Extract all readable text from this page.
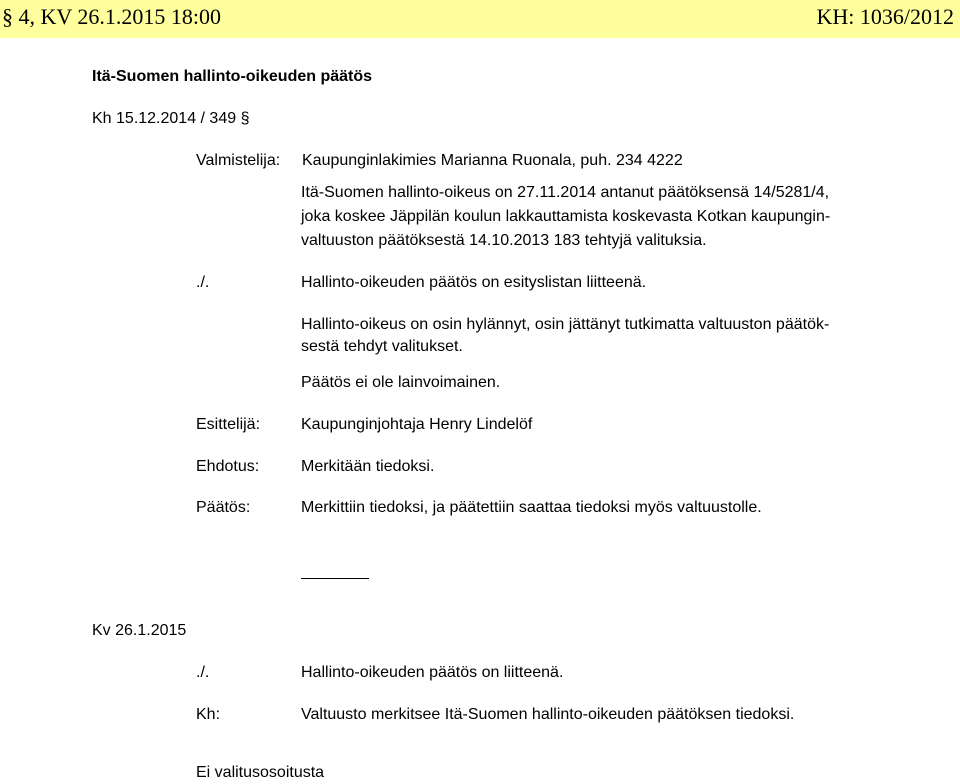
§ 4, KV 26.1.2015 18:00	KH: 1036/2012
Itä-Suomen hallinto-oikeuden päätös
Kh 15.12.2014 / 349 §
Valmistelija: Kaupunginlakimies Marianna Ruonala, puh. 234 4222
Itä-Suomen hallinto-oikeus on 27.11.2014 antanut päätöksensä 14/5281/4,
joka koskee Jäppilän koulun lakkauttamista koskevasta Kotkan kaupungin-
valtuuston päätöksestä 14.10.2013 183 tehtyjä valituksia.
./.	Hallinto-oikeuden päätös on esityslistan liitteenä.
Hallinto-oikeus on osin hylännyt, osin jättänyt tutkimatta valtuuston päätök-
sestä tehdyt valitukset.
Päätös ei ole lainvoimainen.
Esittelijä:	Kaupunginjohtaja Henry Lindelöf
Ehdotus:	Merkitään tiedoksi.
Päätös:	Merkittiin tiedoksi, ja päätettiin saattaa tiedoksi myös valtuustolle.
Kv 26.1.2015
./.	Hallinto-oikeuden päätös on liitteenä.
Kh:	Valtuusto merkitsee Itä-Suomen hallinto-oikeuden päätöksen tiedoksi.
Ei valitusosoitusta
